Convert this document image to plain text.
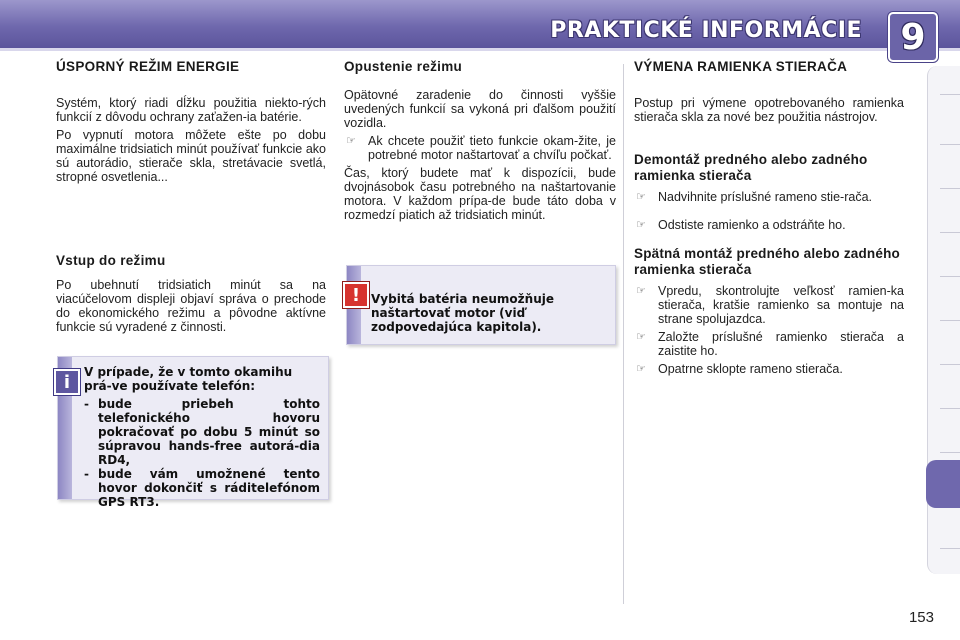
PRAKTICKÉ INFORMÁCIE	9
ÚSPORNÝ REŽIM ENERGIE

Systém, ktorý riadi dĺžku použitia niekto-rých funkcií z dôvodu ochrany zaťažen-ia batérie.

Po vypnutí motora môžete ešte po dobu maximálne tridsiatich minút používať funkcie ako sú autorádio, stierače skla, stretávacie svetlá, stropné osvetlenia...

Vstup do režimu

Po ubehnutí tridsiatich minút sa na viacúčelovom displeji objaví správa o prechode do ekonomického režimu a pôvodne aktívne funkcie sú vyradené z činnosti.

i	V prípade, že v tomto okamihu prá-ve používate telefón:
- bude priebeh tohto telefonického hovoru pokračovať po dobu 5 minút so súpravou hands-free autorá-dia RD4,
- bude vám umožnené tento hovor dokončiť s ráditelefónom GPS RT3.
Opustenie režimu

Opätovné zaradenie do činnosti vyššie uvedených funkcií sa vykoná pri ďalšom použití vozidla.

☞ Ak chcete použiť tieto funkcie okam-žite, je potrebné motor naštartovať a chvíľu počkať.

Čas, ktorý budete mať k dispozícii, bude dvojnásobok času potrebného na naštartovanie motora. V každom prípa-de bude táto doba v rozmedzí piatich až tridsiatich minút.

! Vybitá batéria neumožňuje naštartovať motor (viď zodpovedajúca kapitola).
VÝMENA RAMIENKA STIERAČA

Postup pri výmene opotrebovaného ramienka stierača skla za nové bez použitia nástrojov.

Demontáž predného alebo zadného ramienka stierača
☞ Nadvihnite príslušné rameno stie-rača.
☞ Odstiste ramienko a odstráňte ho.
Spätná montáž predného alebo zadného ramienka stierača
☞ Vpredu, skontrolujte veľkosť ramien-ka stierača, kratšie ramienko sa montuje na strane spolujazdca.
☞ Založte príslušné ramienko stierača a zaistite ho.
☞ Opatrne sklopte rameno stierača.
153
